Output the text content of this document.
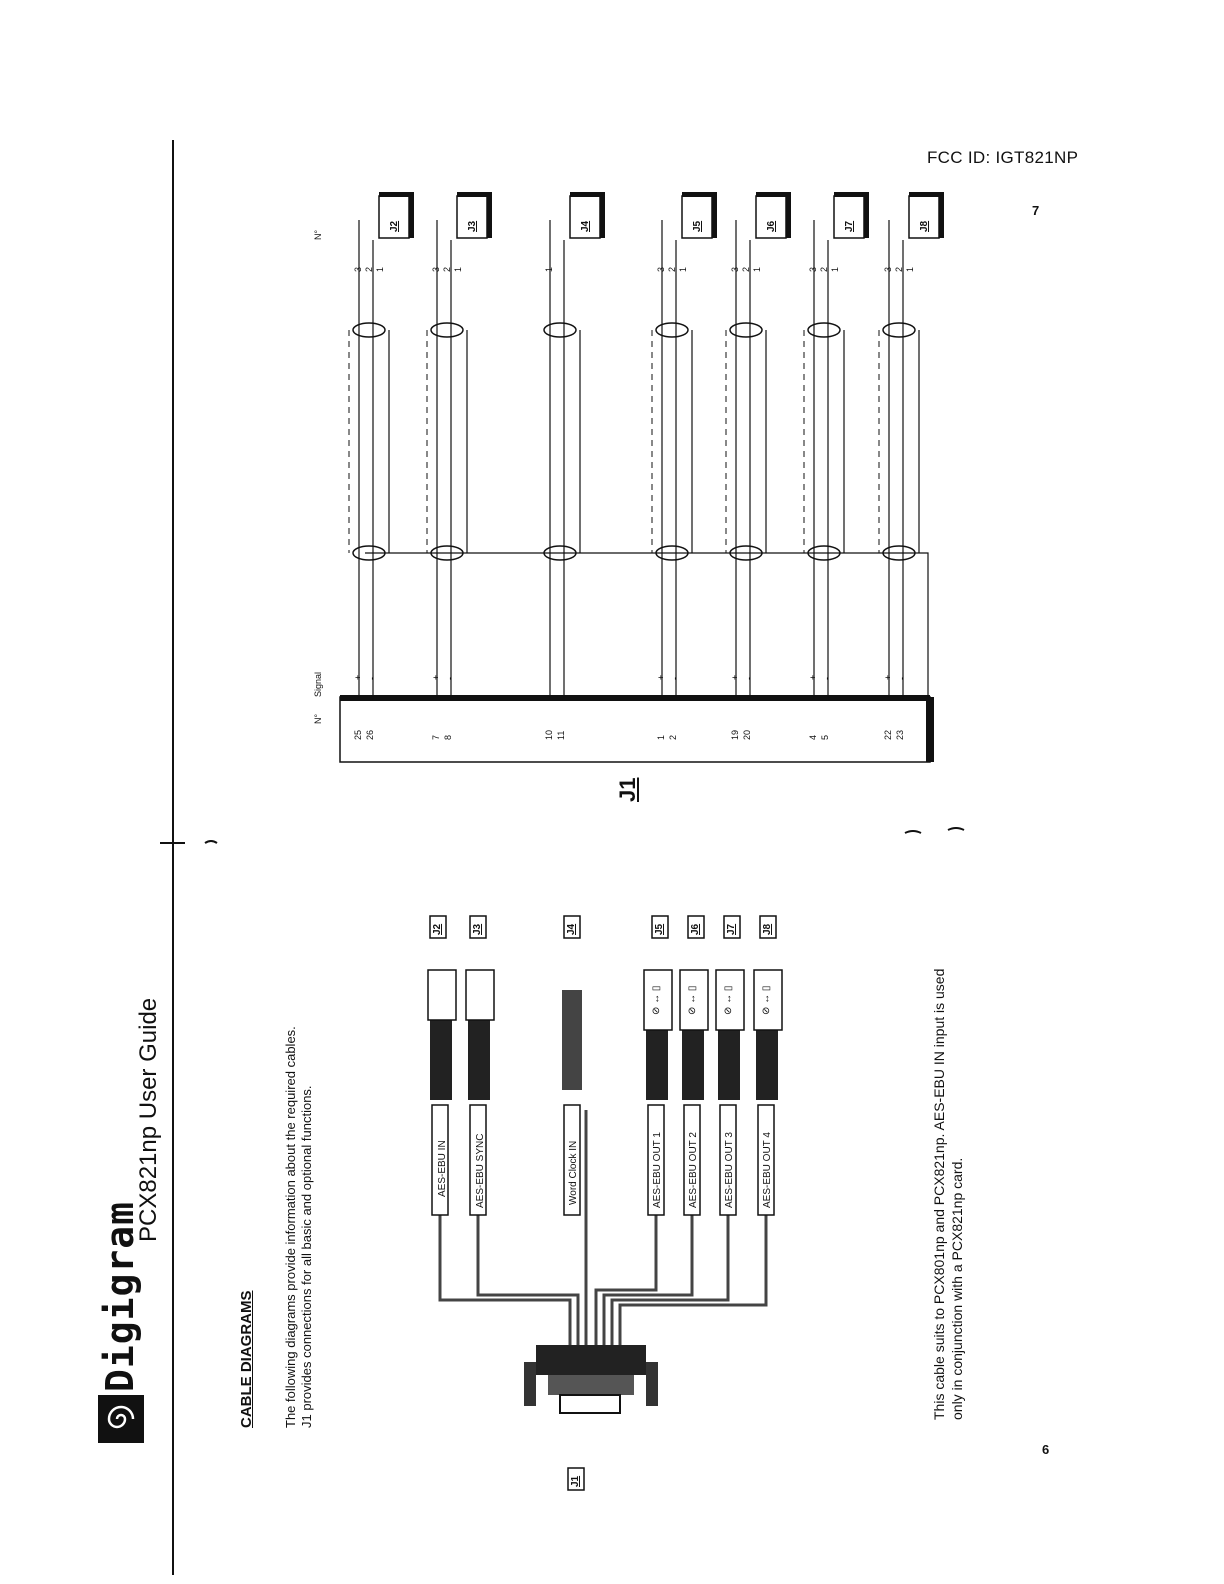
FCC ID: IGT821NP
7
6
Digigram
PCX821np User Guide
CABLE DIAGRAMS The following diagrams provide information about the required cables.
J1 provides connections for all basic and optional functions.
This cable suits to PCX801np and PCX821np. AES-EBU IN input is used
only in conjunction with a PCX821np card.
AES-EBU IN	AES-EBU SYNC	Word Clock IN	AES-EBU OUT 1	AES-EBU OUT 2	AES-EBU OUT 3	AES-EBU OUT 4
⊘ ↔ ▯	⊘ ↔ ▯	⊘ ↔ ▯	⊘ ↔ ▯
J2	J3	J4	J5	J6	J7	J8
J1
J1
N°
Signal
N°
J2
25 26
+ -
3 2 1
J3
7 8
+ -
3 2 1
J4
10 11
1
J5
1 2
+ -
3 2 1
J6
19 20
+ -
3 2 1
J7
4 5
+ -
3 2 1
J8
22 23
+ -
3 2 1
